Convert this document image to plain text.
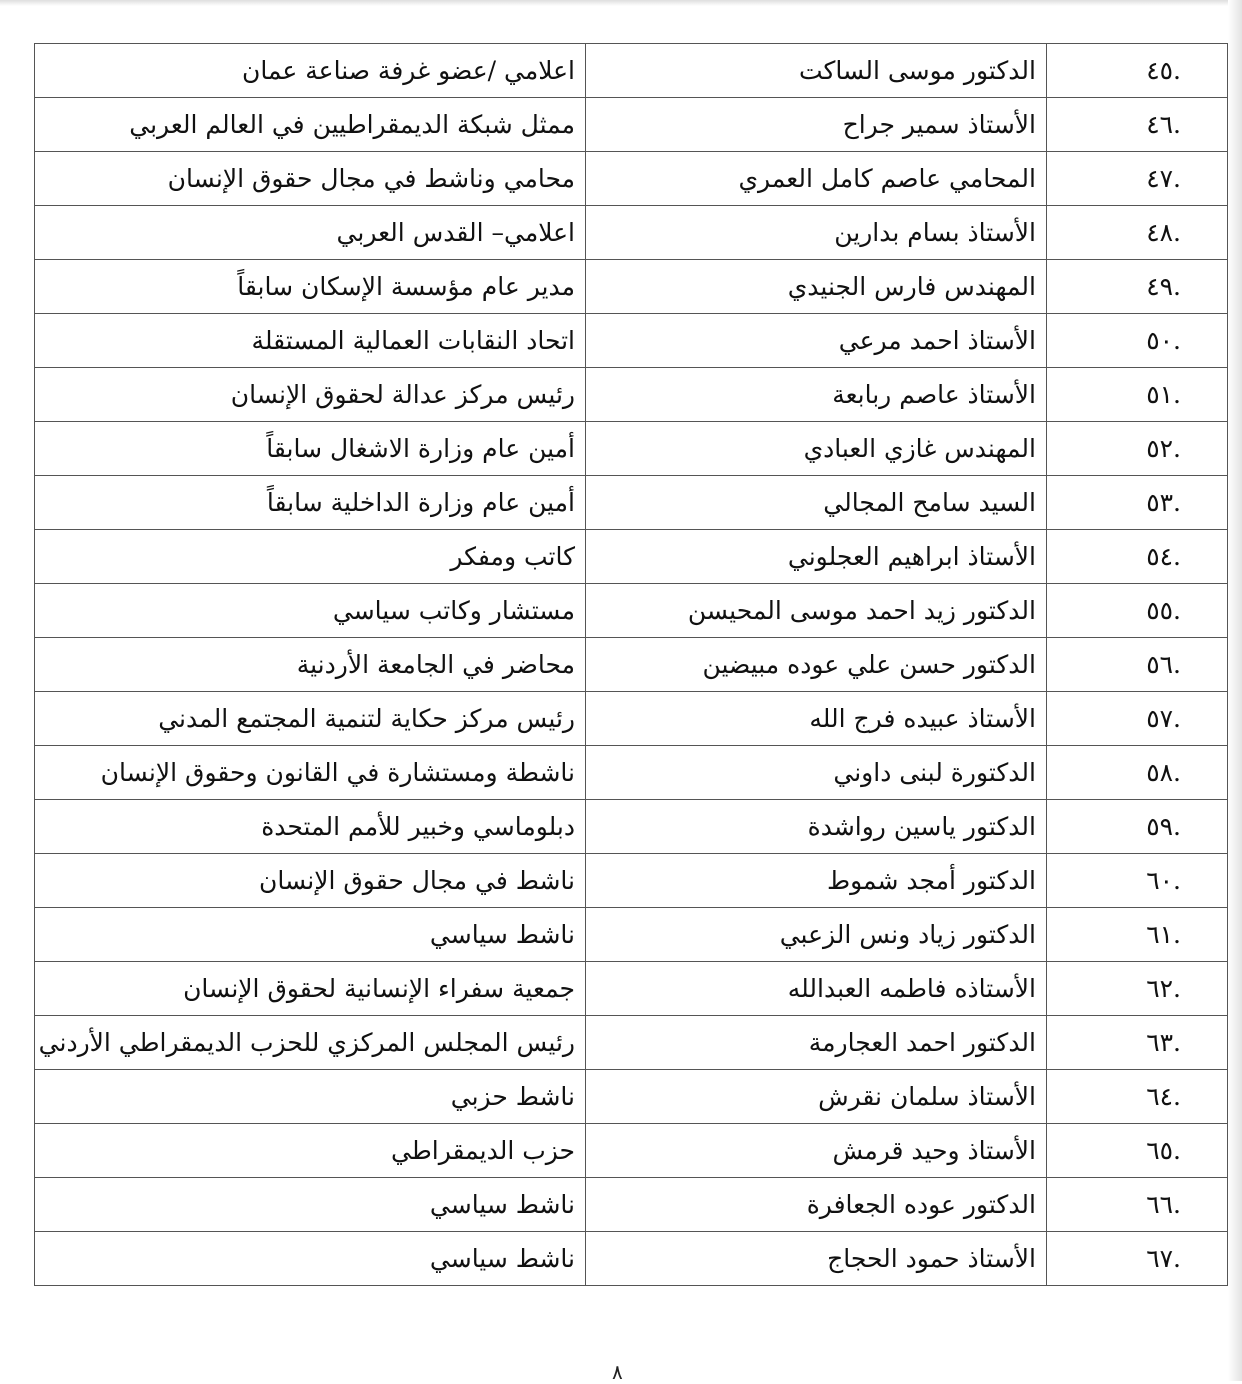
.٤٥	الدكتور موسى الساكت	اعلامي /عضو غرفة صناعة عمان
.٤٦	الأستاذ سمير جراح	ممثل شبكة الديمقراطيين في العالم العربي
.٤٧	المحامي عاصم كامل العمري	محامي وناشط في مجال حقوق الإنسان
.٤٨	الأستاذ بسام بدارين	اعلامي– القدس العربي
.٤٩	المهندس فارس الجنيدي	مدير عام مؤسسة الإسكان سابقاً
.٥٠	الأستاذ احمد مرعي	اتحاد النقابات العمالية المستقلة
.٥١	الأستاذ عاصم ربابعة	رئيس مركز عدالة لحقوق الإنسان
.٥٢	المهندس غازي العبادي	أمين عام وزارة الاشغال سابقاً
.٥٣	السيد سامح المجالي	أمين عام وزارة الداخلية سابقاً
.٥٤	الأستاذ ابراهيم العجلوني	كاتب ومفكر
.٥٥	الدكتور زيد احمد موسى المحيسن	مستشار وكاتب سياسي
.٥٦	الدكتور حسن علي عوده مبيضين	محاضر في الجامعة الأردنية
.٥٧	الأستاذ عبيده فرج الله	رئيس مركز حكاية لتنمية المجتمع المدني
.٥٨	الدكتورة لبنى داوني	ناشطة ومستشارة في القانون وحقوق الإنسان
.٥٩	الدكتور ياسين رواشدة	دبلوماسي وخبير للأمم المتحدة
.٦٠	الدكتور أمجد شموط	ناشط في مجال حقوق الإنسان
.٦١	الدكتور زياد ونس الزعبي	ناشط سياسي
.٦٢	الأستاذه فاطمه العبدالله	جمعية سفراء الإنسانية لحقوق الإنسان
.٦٣	الدكتور احمد العجارمة	رئيس المجلس المركزي للحزب الديمقراطي الأردني
.٦٤	الأستاذ سلمان نقرش	ناشط حزبي
.٦٥	الأستاذ وحيد قرمش	حزب الديمقراطي
.٦٦	الدكتور عوده الجعافرة	ناشط سياسي
.٦٧	الأستاذ حمود الحجاج	ناشط سياسي
٨
